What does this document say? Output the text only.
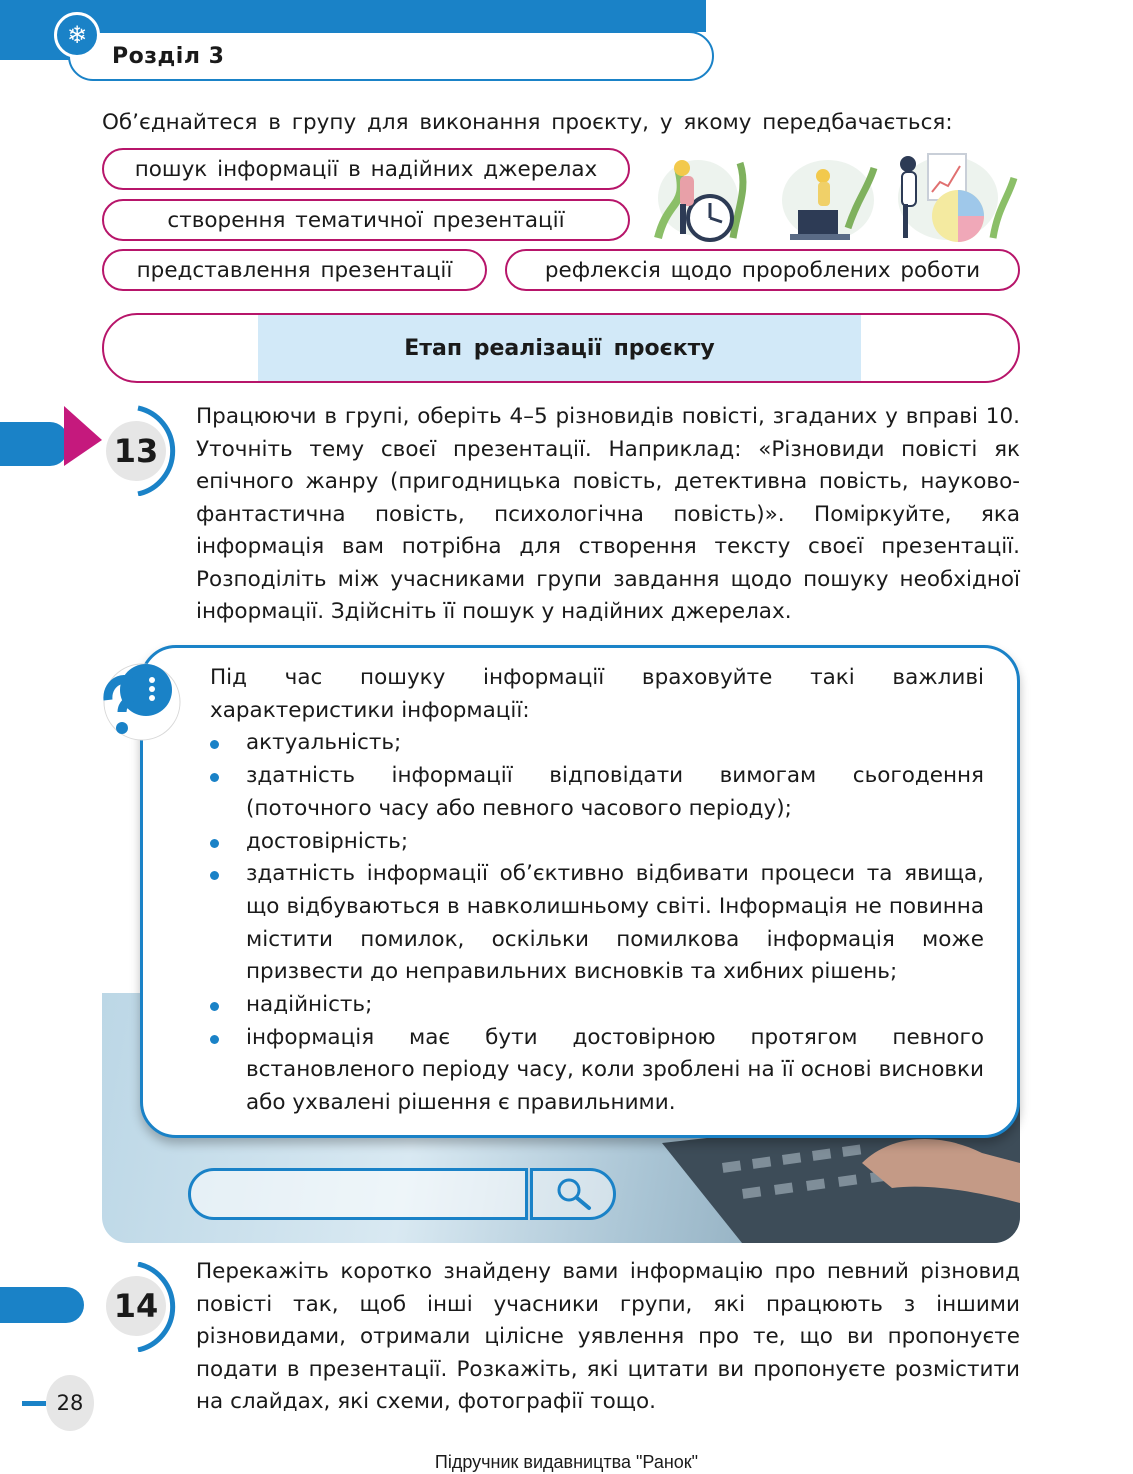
❄
Розділ 3
Об’єднайтеся в групу для виконання проєкту, у якому передбачається:
пошук інформації в надійних джерелах
створення тематичної презентації
представлення презентації	рефлексія щодо пророблених роботи
Етап реалізації проєкту
13
Працюючи в групі, оберіть 4–5 різновидів повісті, згаданих у вправі 10. Уточніть тему своєї презентації. Наприклад: «Різновиди повісті як епічного жанру (пригодницька повість, детективна повість, науково-фантастична повість, психологічна повість)». Поміркуйте, яка інформація вам потрібна для створення тексту своєї презентації. Розподіліть між учасниками групи завдання щодо пошуку необхідної інформації. Здійсніть її пошук у надійних джерелах.
Під час пошуку інформації враховуйте такі важливі характеристики інформації:
актуальність;
здатність інформації відповідати вимогам сьогодення (поточного часу або певного часового періоду);
достовірність;
здатність інформації об’єктивно відбивати процеси та явища, що відбуваються в навколишньому світі. Інформація не повинна містити помилок, оскільки помилкова інформація може призвести до неправильних висновків та хибних рішень;
надійність;
інформація має бути достовірною протягом певного встановленого періоду часу, коли зроблені на її основі висновки або ухвалені рішення є правильними.
14
Перекажіть коротко знайдену вами інформацію про певний різновид повісті так, щоб інші учасники групи, які працюють з іншими різновидами, отримали цілісне уявлення про те, що ви пропонуєте подати в презентації. Розкажіть, які цитати ви пропонуєте розмістити на слайдах, які схеми, фотографії тощо.
28
Підручник видавництва "Ранок"
